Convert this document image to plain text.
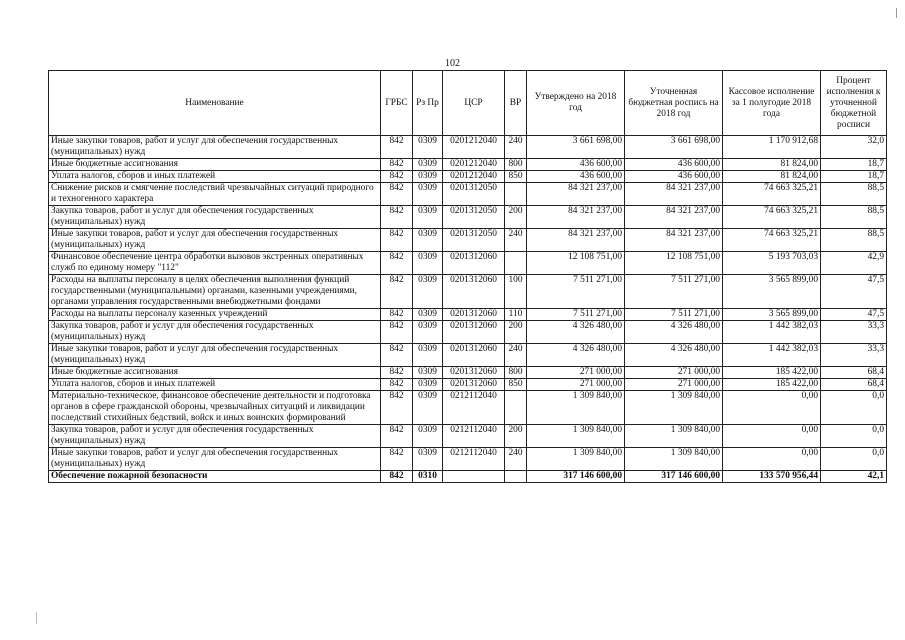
102
Наименование	ГРБС	Рз Пр	ЦСР	ВР	Утверждено на 2018 год	Уточненная бюджетная роспись на 2018 год	Кассовое исполнение за 1 полугодие 2018 года	Процент исполнения к уточненной бюджетной росписи
Иные закупки товаров, работ и услуг для обеспечения государственных (муниципальных) нужд	842	0309	0201212040	240	3 661 698,00	3 661 698,00	1 170 912,68	32,0
Иные бюджетные ассигнования	842	0309	0201212040	800	436 600,00	436 600,00	81 824,00	18,7
Уплата налогов, сборов и иных платежей	842	0309	0201212040	850	436 600,00	436 600,00	81 824,00	18,7
Снижение рисков и смягчение последствий чрезвычайных ситуаций природного и техногенного характера	842	0309	0201312050		84 321 237,00	84 321 237,00	74 663 325,21	88,5
Закупка товаров, работ и услуг для обеспечения государственных (муниципальных) нужд	842	0309	0201312050	200	84 321 237,00	84 321 237,00	74 663 325,21	88,5
Иные закупки товаров, работ и услуг для обеспечения государственных (муниципальных) нужд	842	0309	0201312050	240	84 321 237,00	84 321 237,00	74 663 325,21	88,5
Финансовое обеспечение центра обработки вызовов экстренных оперативных служб по единому номеру "112"	842	0309	0201312060		12 108 751,00	12 108 751,00	5 193 703,03	42,9
Расходы на выплаты персоналу в целях обеспечения выполнения функций государственными (муниципальными) органами, казенными учреждениями, органами управления государственными внебюджетными фондами	842	0309	0201312060	100	7 511 271,00	7 511 271,00	3 565 899,00	47,5
Расходы на выплаты персоналу казенных учреждений	842	0309	0201312060	110	7 511 271,00	7 511 271,00	3 565 899,00	47,5
Закупка товаров, работ и услуг для обеспечения государственных (муниципальных) нужд	842	0309	0201312060	200	4 326 480,00	4 326 480,00	1 442 382,03	33,3
Иные закупки товаров, работ и услуг для обеспечения государственных (муниципальных) нужд	842	0309	0201312060	240	4 326 480,00	4 326 480,00	1 442 382,03	33,3
Иные бюджетные ассигнования	842	0309	0201312060	800	271 000,00	271 000,00	185 422,00	68,4
Уплата налогов, сборов и иных платежей	842	0309	0201312060	850	271 000,00	271 000,00	185 422,00	68,4
Материально-техническое, финансовое обеспечение деятельности и подготовка органов в сфере гражданской обороны, чрезвычайных ситуаций и ликвидации последствий стихийных бедствий, войск и иных воинских формирований	842	0309	0212112040		1 309 840,00	1 309 840,00	0,00	0,0
Закупка товаров, работ и услуг для обеспечения государственных (муниципальных) нужд	842	0309	0212112040	200	1 309 840,00	1 309 840,00	0,00	0,0
Иные закупки товаров, работ и услуг для обеспечения государственных (муниципальных) нужд	842	0309	0212112040	240	1 309 840,00	1 309 840,00	0,00	0,0
Обеспечение пожарной безопасности	842	0310			317 146 600,00	317 146 600,00	133 570 956,44	42,1
